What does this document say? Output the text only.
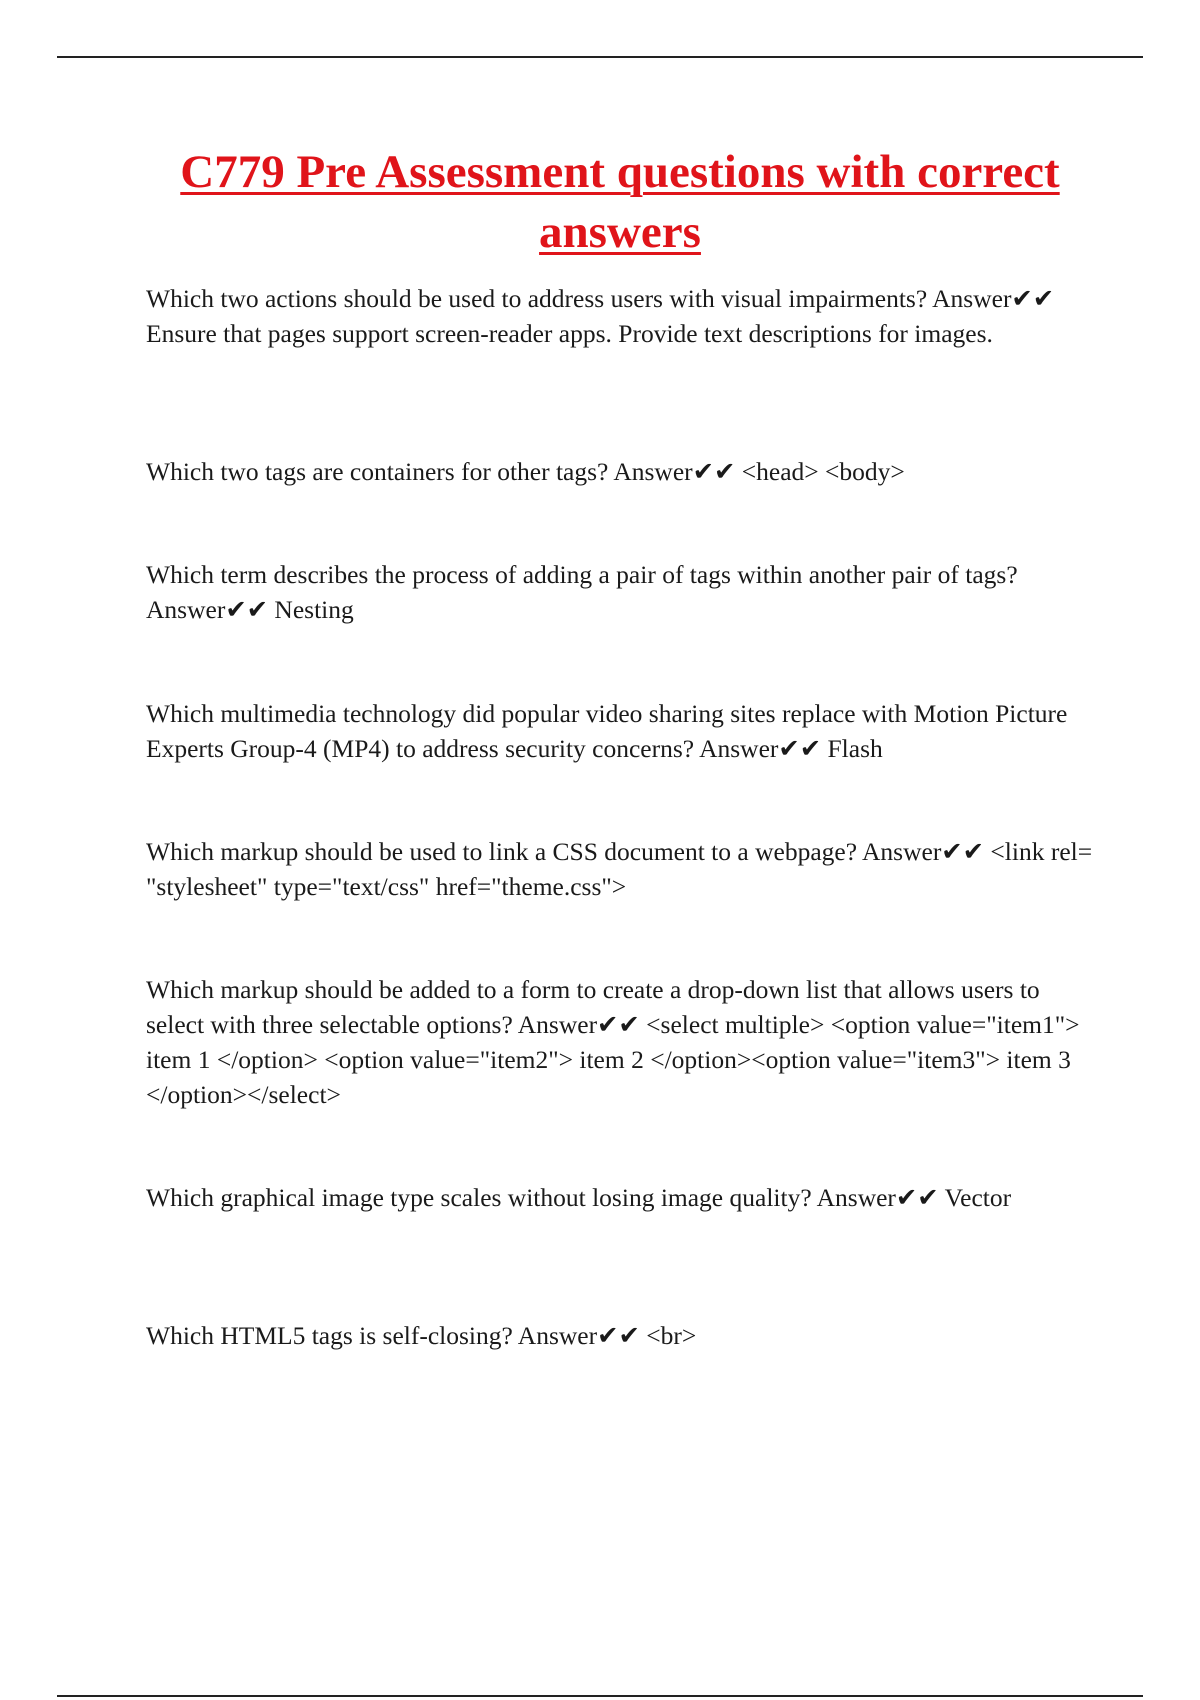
C779 Pre Assessment questions with correct answers

Which two actions should be used to address users with visual impairments? Answer✔✔ Ensure that pages support screen-reader apps. Provide text descriptions for images.

Which two tags are containers for other tags? Answer✔✔ <head> <body>

Which term describes the process of adding a pair of tags within another pair of tags? Answer✔✔ Nesting

Which multimedia technology did popular video sharing sites replace with Motion Picture Experts Group-4 (MP4) to address security concerns? Answer✔✔ Flash

Which markup should be used to link a CSS document to a webpage? Answer✔✔ <link rel= "stylesheet" type="text/css" href="theme.css">

Which markup should be added to a form to create a drop-down list that allows users to select with three selectable options? Answer✔✔ <select multiple> <option value="item1"> item 1 </option> <option value="item2"> item 2 </option><option value="item3"> item 3 </option></select>

Which graphical image type scales without losing image quality? Answer✔✔ Vector

Which HTML5 tags is self-closing? Answer✔✔ <br>
